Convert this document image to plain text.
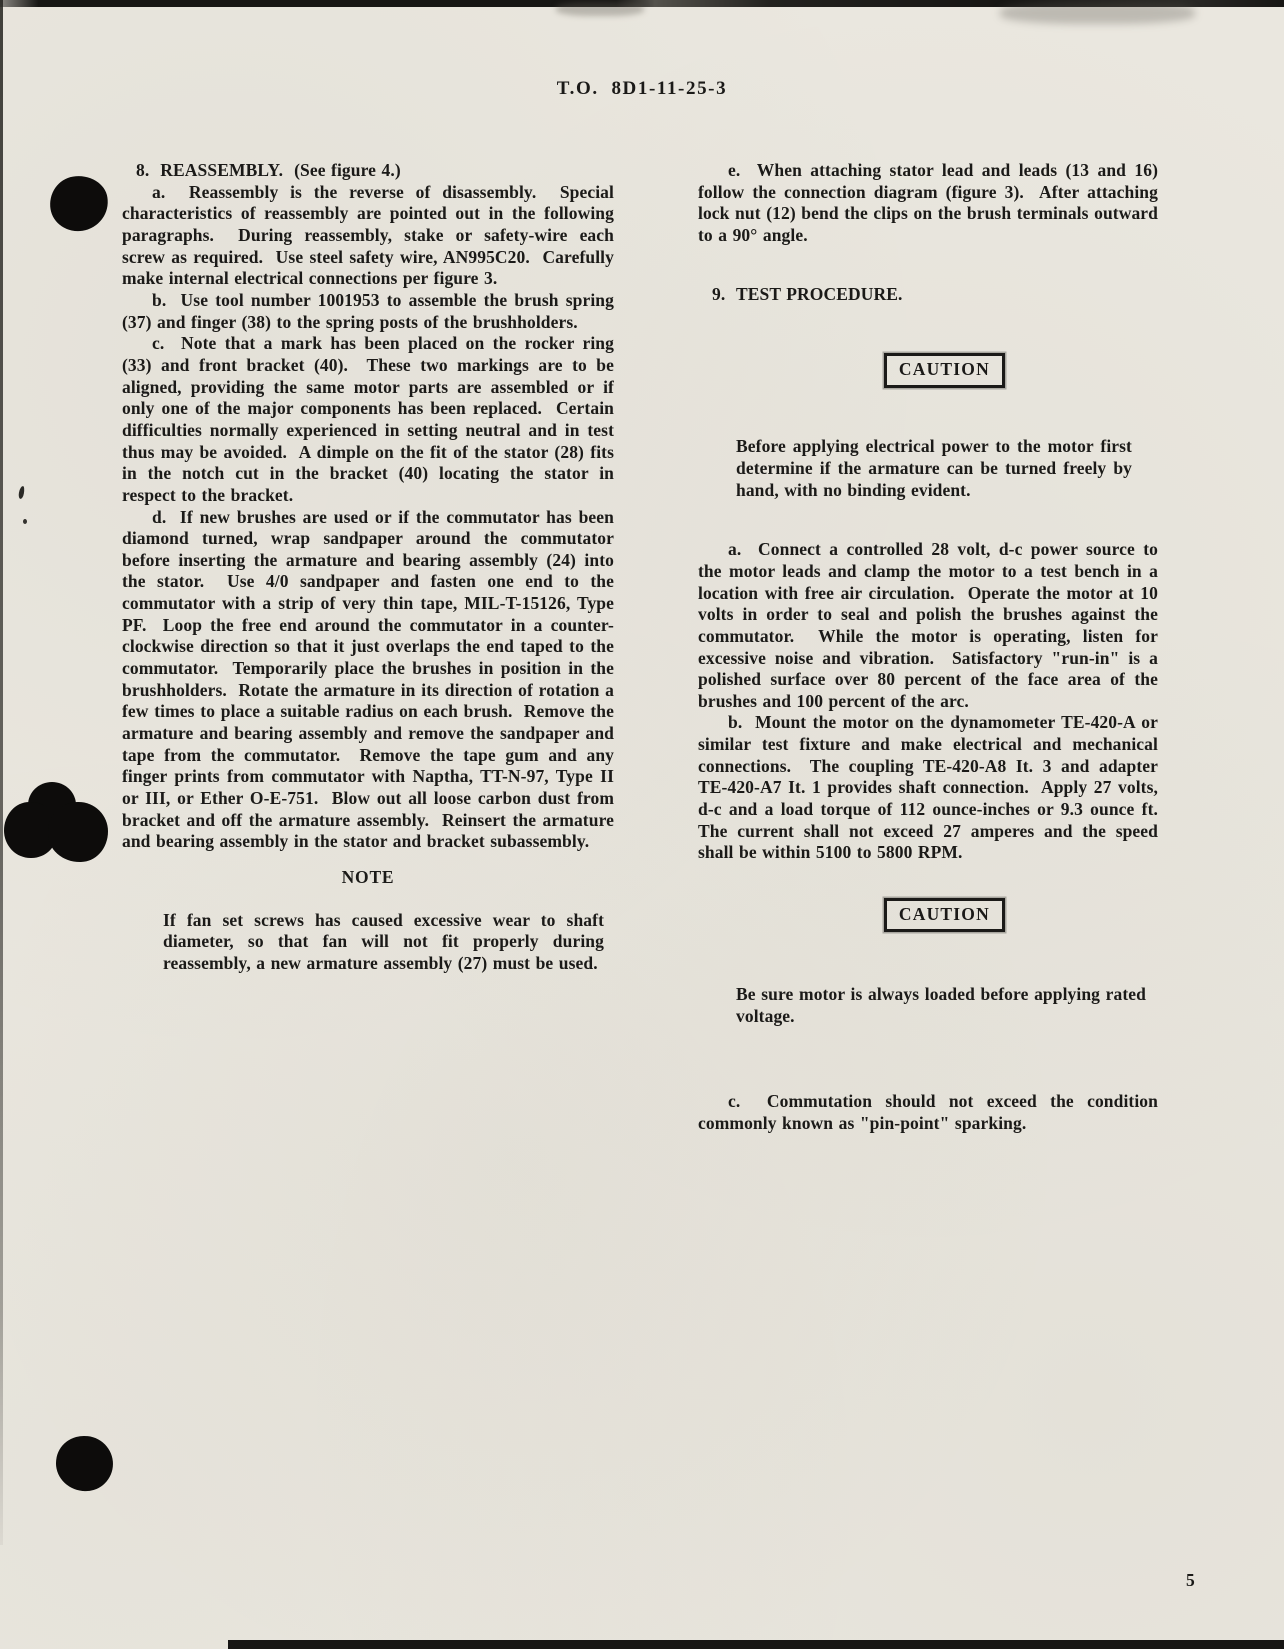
T.O.  8D1-11-25-3
8.  REASSEMBLY.  (See figure 4.)

a.  Reassembly is the reverse of disassembly.  Special characteristics of reassembly are pointed out in the following paragraphs.  During reassembly, stake or safety-wire each screw as required.  Use steel safety wire, AN995C20.  Carefully make internal electrical connections per figure 3.

b.  Use tool number 1001953 to assemble the brush spring (37) and finger (38) to the spring posts of the brushholders.

c.  Note that a mark has been placed on the rocker ring (33) and front bracket (40).  These two markings are to be aligned, providing the same motor parts are assembled or if only one of the major components has been replaced.  Certain difficulties normally experienced in setting neutral and in test thus may be avoided.  A dimple on the fit of the stator (28) fits in the notch cut in the bracket (40) locating the stator in respect to the bracket.

d.  If new brushes are used or if the commutator has been diamond turned, wrap sandpaper around the commutator before inserting the armature and bearing assembly (24) into the stator.  Use 4/0 sandpaper and fasten one end to the commutator with a strip of very thin tape, MIL-T-15126, Type PF.  Loop the free end around the commutator in a counter-clockwise direction so that it just overlaps the end taped to the commutator.  Temporarily place the brushes in position in the brushholders.  Rotate the armature in its direction of rotation a few times to place a suitable radius on each brush.  Remove the armature and bearing assembly and remove the sandpaper and tape from the commutator.  Remove the tape gum and any finger prints from commutator with Naptha, TT-N-97, Type II or III, or Ether O-E-751.  Blow out all loose carbon dust from bracket and off the armature assembly.  Reinsert the armature and bearing assembly in the stator and bracket subassembly.

NOTE

If fan set screws has caused excessive wear to shaft diameter, so that fan will not fit properly during reassembly, a new armature assembly (27) must be used.

e.  When attaching stator lead and leads (13 and 16) follow the connection diagram (figure 3).  After attaching lock nut (12) bend the clips on the brush terminals outward to a 90° angle.

9.  TEST PROCEDURE.

CAUTION

Before applying electrical power to the motor first determine if the armature can be turned freely by hand, with no binding evident.

a.  Connect a controlled 28 volt, d-c power source to the motor leads and clamp the motor to a test bench in a location with free air circulation.  Operate the motor at 10 volts in order to seal and polish the brushes against the commutator.  While the motor is operating, listen for excessive noise and vibration.  Satisfactory "run-in" is a polished surface over 80 percent of the face area of the brushes and 100 percent of the arc.

b.  Mount the motor on the dynamometer TE-420-A or similar test fixture and make electrical and mechanical connections.  The coupling TE-420-A8 It. 3 and adapter TE-420-A7 It. 1 provides shaft connection.  Apply 27 volts, d-c and a load torque of 112 ounce-inches or 9.3 ounce ft.  The current shall not exceed 27 amperes and the speed shall be within 5100 to 5800 RPM.

CAUTION

Be sure motor is always loaded before applying rated voltage.

c.  Commutation should not exceed the condition commonly known as "pin-point" sparking.

5
